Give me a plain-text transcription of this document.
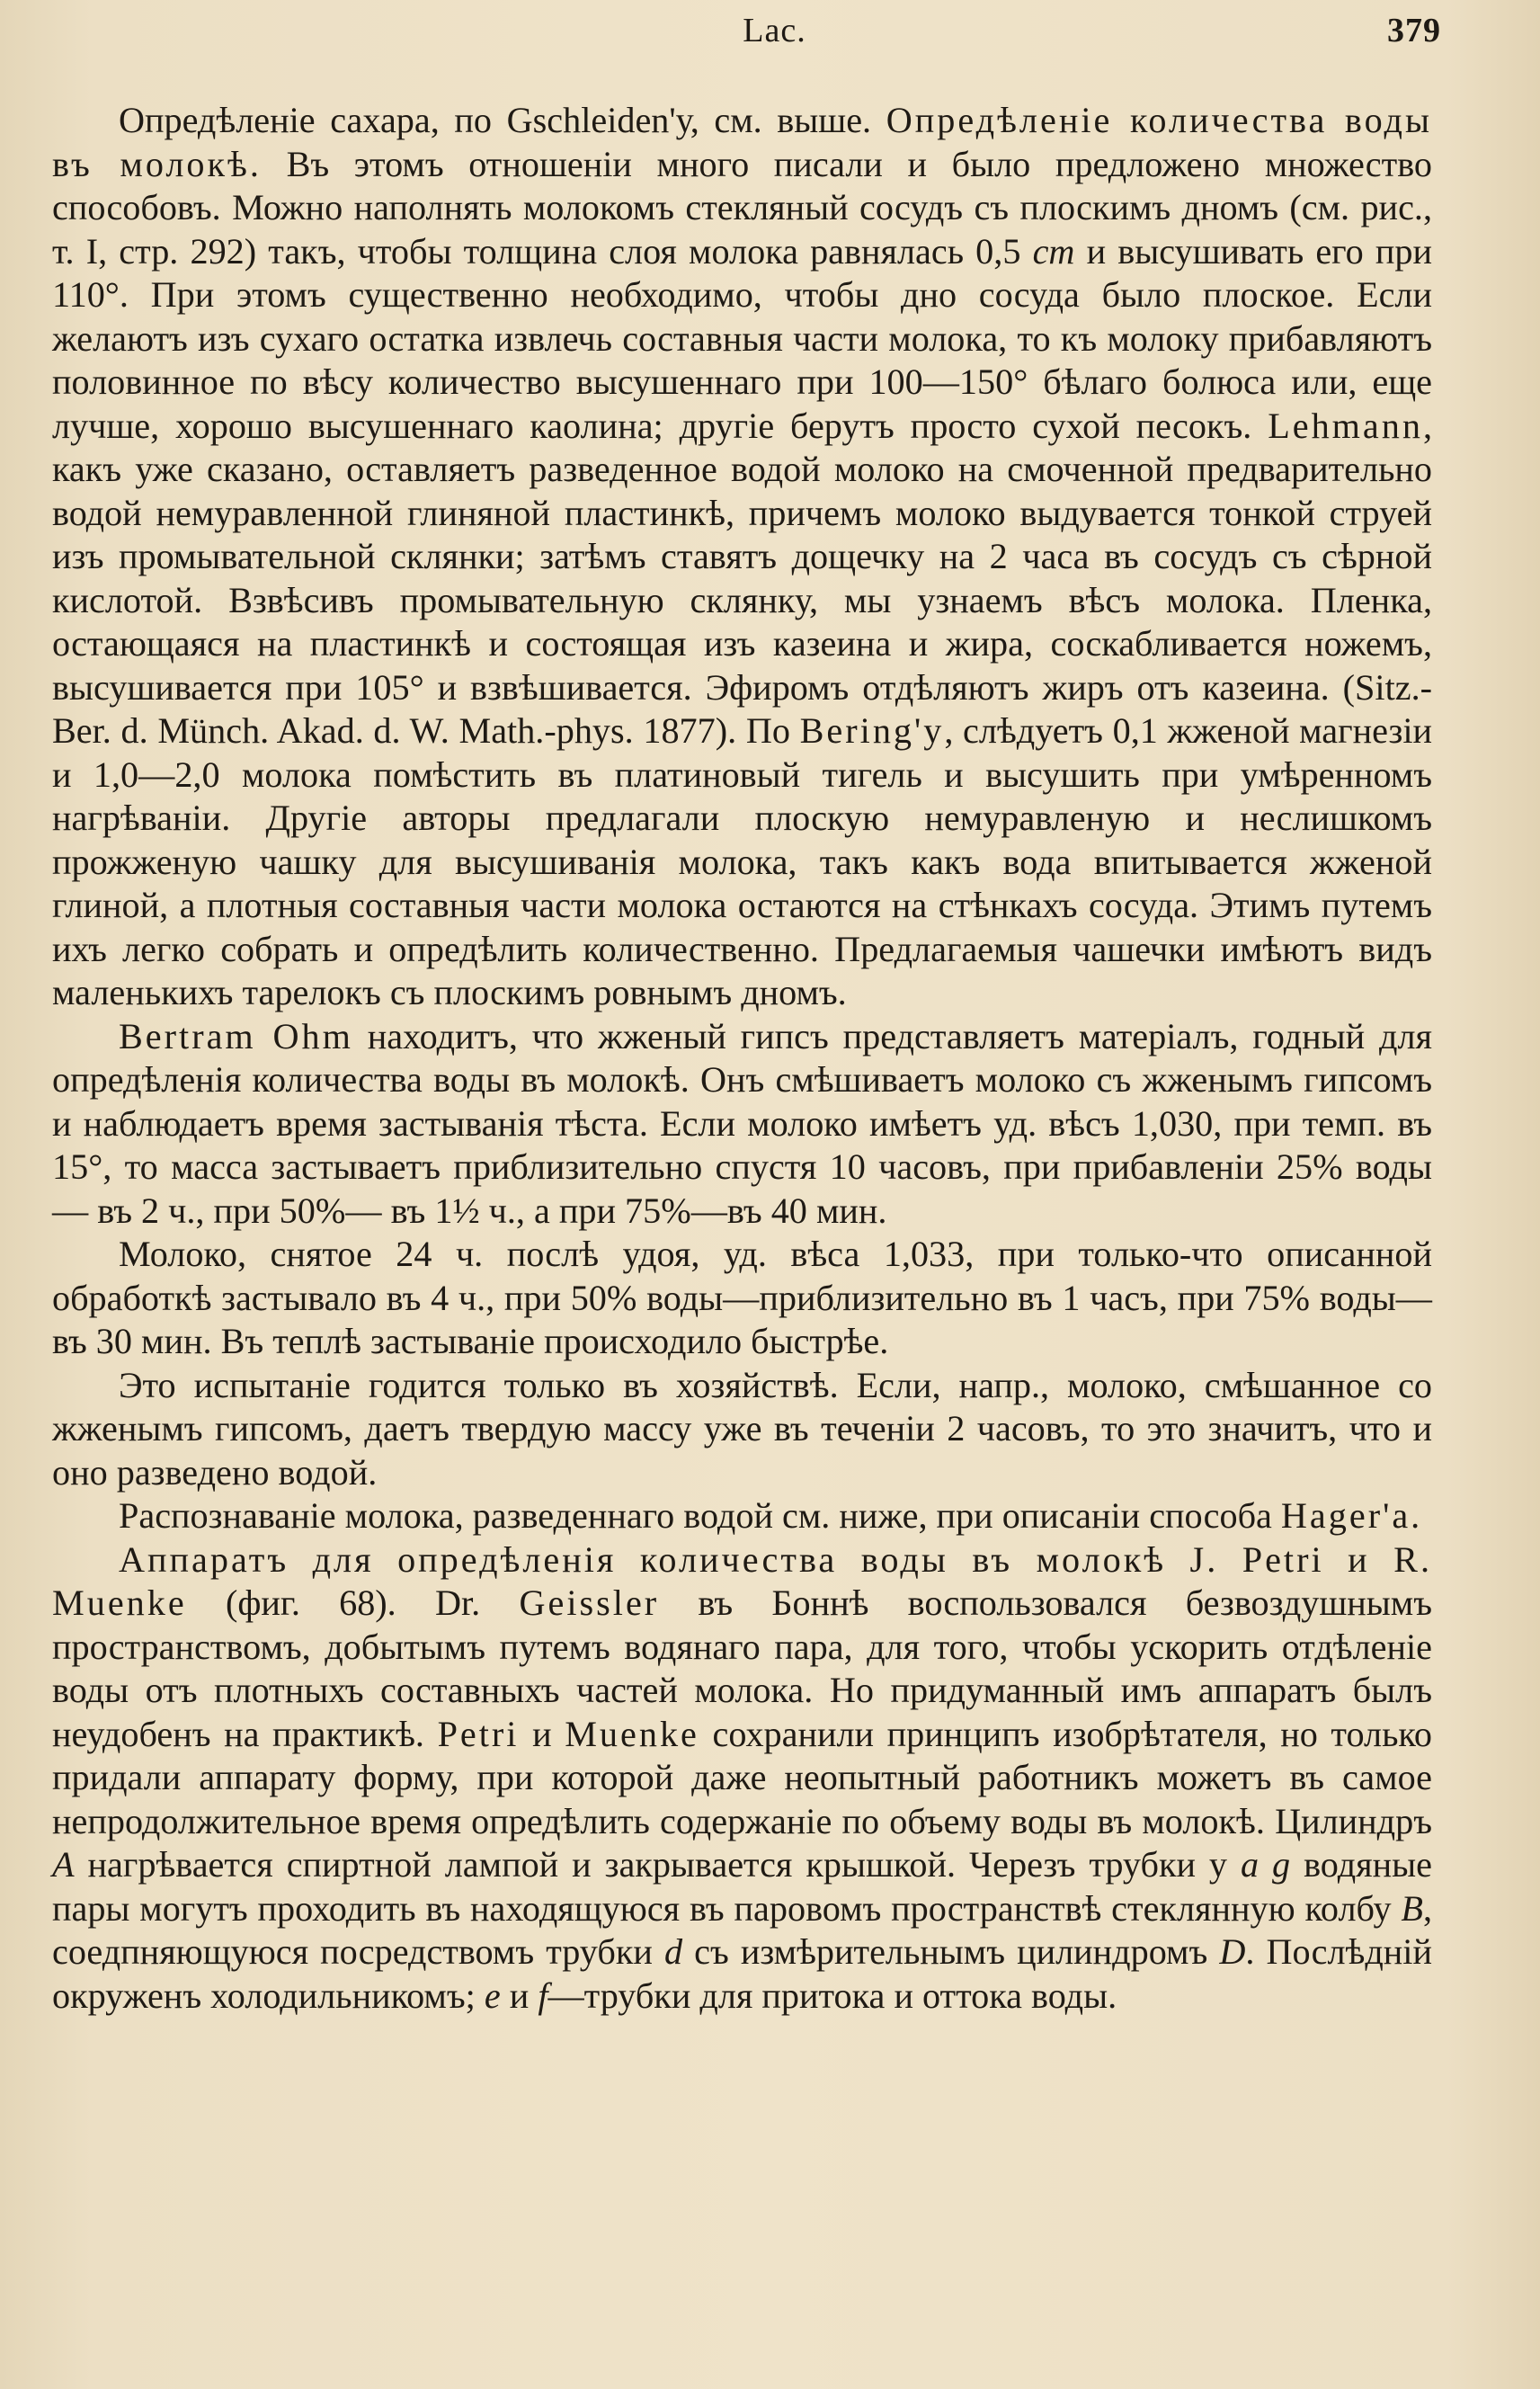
Lac.	379

Опредѣленіе сахара, по Gschleiden'у, см. выше. Опредѣленіе количества воды въ молокѣ. Въ этомъ отношеніи много писали и было предложено множество способовъ. Можно наполнять молокомъ стекляный сосудъ съ плоскимъ дномъ (см. рис., т. I, стр. 292) такъ, чтобы толщина слоя молока равнялась 0,5 cm и высушивать его при 110°. При этомъ существенно необходимо, чтобы дно сосуда было плоское. Если желаютъ изъ сухаго остатка извлечь составныя части молока, то къ молоку прибавляютъ половинное по вѣсу количество высушеннаго при 100—150° бѣлаго болюса или, еще лучше, хорошо высушеннаго каолина; другіе берутъ просто сухой песокъ. Lehmann, какъ уже сказано, оставляетъ разведенное водой молоко на смоченной предварительно водой немуравленной глиняной пластинкѣ, причемъ молоко выдувается тонкой струей изъ промывательной склянки; затѣмъ ставятъ дощечку на 2 часа въ сосудъ съ сѣрной кислотой. Взвѣсивъ промывательную склянку, мы узнаемъ вѣсъ молока. Пленка, остающаяся на пластинкѣ и состоящая изъ казеина и жира, соскабливается ножемъ, высушивается при 105° и взвѣшивается. Эфиромъ отдѣляютъ жиръ отъ казеина. (Sitz.-Ber. d. Münch. Akad. d. W. Math.-phys. 1877). По Bering'y, слѣдуетъ 0,1 жженой магнезіи и 1,0—2,0 молока помѣстить въ платиновый тигель и высушить при умѣренномъ нагрѣваніи. Другіе авторы предлагали плоскую немуравленую и неслишкомъ прожженую чашку для высушиванія молока, такъ какъ вода впитывается жженой глиной, а плотныя составныя части молока остаются на стѣнкахъ сосуда. Этимъ путемъ ихъ легко собрать и опредѣлить количественно. Предлагаемыя чашечки имѣютъ видъ маленькихъ тарелокъ съ плоскимъ ровнымъ дномъ.

Bertram Ohm находитъ, что жженый гипсъ представляетъ матеріалъ, годный для опредѣленія количества воды въ молокѣ. Онъ смѣшиваетъ молоко съ жженымъ гипсомъ и наблюдаетъ время застыванія тѣста. Если молоко имѣетъ уд. вѣсъ 1,030, при темп. въ 15°, то масса застываетъ приблизительно спустя 10 часовъ, при прибавленіи 25% воды — въ 2 ч., при 50%— въ 1½ ч., а при 75%—въ 40 мин.

Молоко, снятое 24 ч. послѣ удоя, уд. вѣса 1,033, при только-что описанной обработкѣ застывало въ 4 ч., при 50% воды—приблизительно въ 1 часъ, при 75% воды—въ 30 мин. Въ теплѣ застываніе происходило быстрѣе.

Это испытаніе годится только въ хозяйствѣ. Если, напр., молоко, смѣшанное со жженымъ гипсомъ, даетъ твердую массу уже въ теченіи 2 часовъ, то это значитъ, что и оно разведено водой.

Распознаваніе молока, разведеннаго водой см. ниже, при описаніи способа Hager'a.

Аппаратъ для опредѣленія количества воды въ молокѣ J. Petri и R. Muenke (фиг. 68). Dr. Geissler въ Боннѣ воспользовался безвоздушнымъ пространствомъ, добытымъ путемъ водянаго пара, для того, чтобы ускорить отдѣленіе воды отъ плотныхъ составныхъ частей молока. Но придуманный имъ аппаратъ былъ неудобенъ на практикѣ. Petri и Muenke сохранили принципъ изобрѣтателя, но только придали аппарату форму, при которой даже неопытный работникъ можетъ въ самое непродолжительное время опредѣлить содержаніе по объему воды въ молокѣ. Цилиндръ A нагрѣвается спиртной лампой и закрывается крышкой. Черезъ трубки у a g водяные пары могутъ проходить въ находящуюся въ паровомъ пространствѣ стеклянную колбу B, соедпняющуюся посредствомъ трубки d съ измѣрительнымъ цилиндромъ D. Послѣдній окруженъ холодильникомъ; e и f—трубки для притока и оттока воды.
